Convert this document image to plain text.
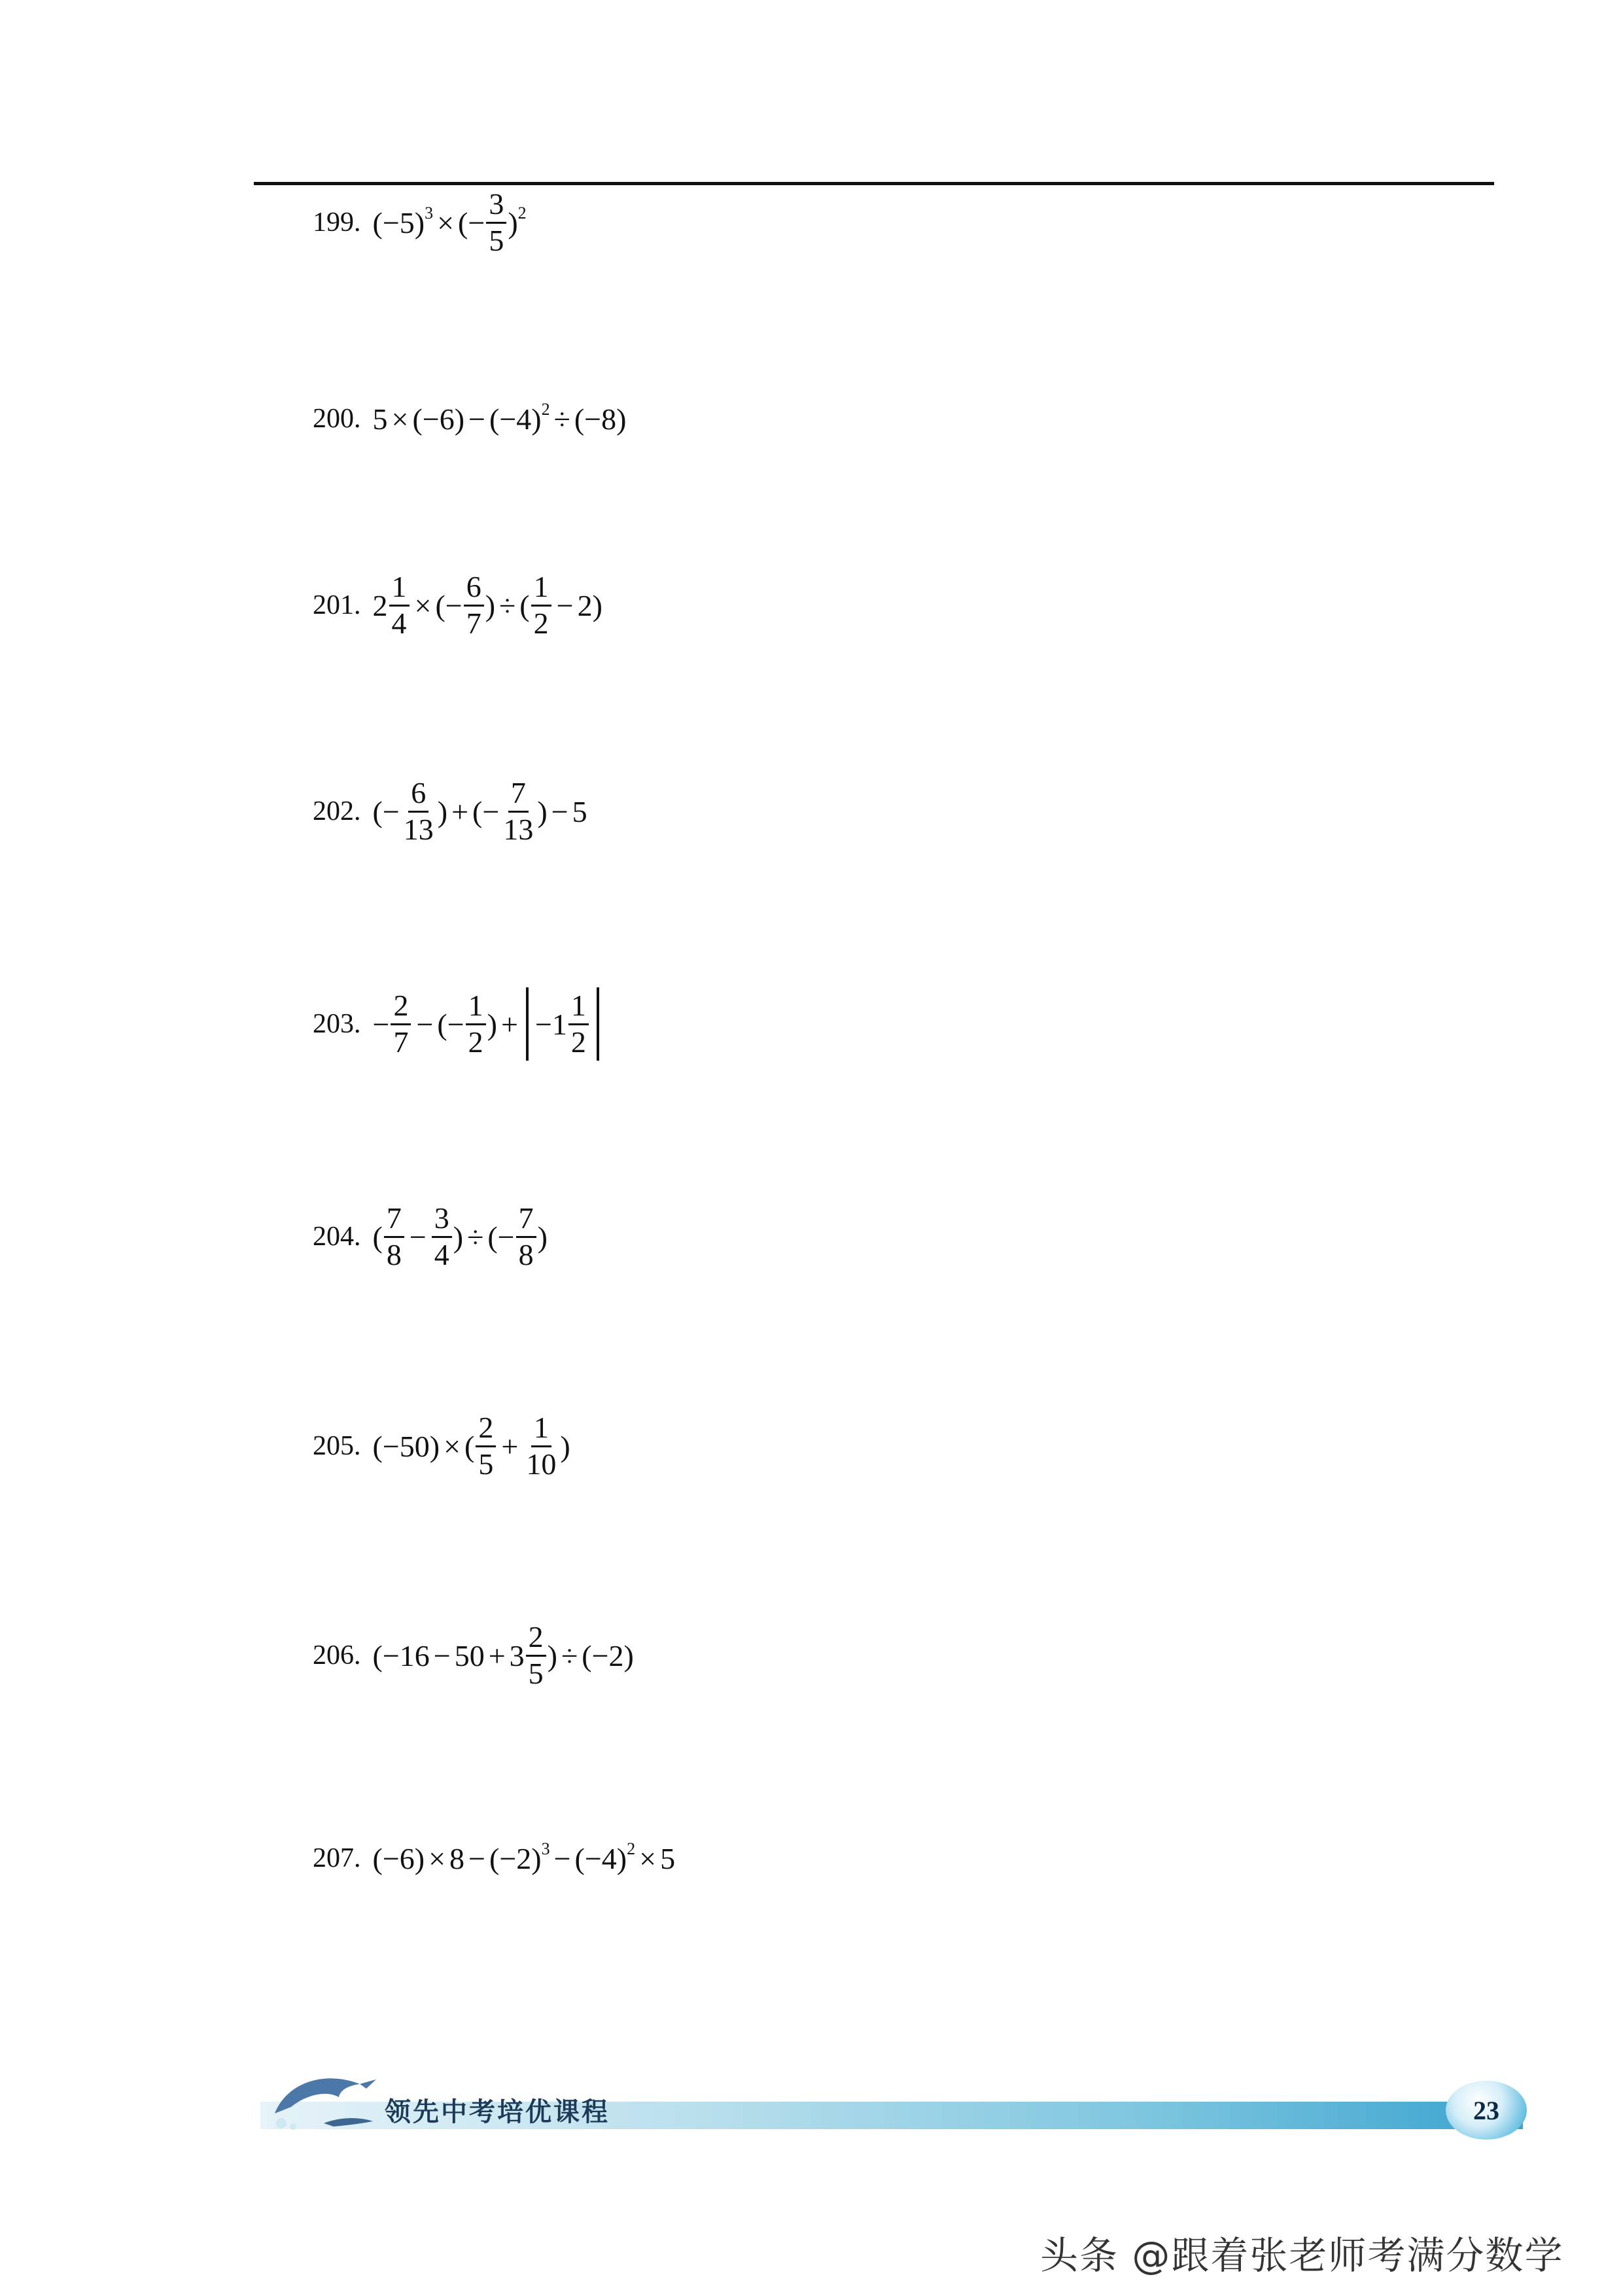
199. $(-5)^3$ × (− $\frac{3}{5} )^2$
200. $5 \times (-6) - (-4)^2 \div (-8)$
201. $2 \frac{1}{4}$ × (− $\frac{6}{7}$ ) ÷ ( $\frac{1}{2} - 2$)
202. (− $\frac{6}{13}$ ) + (− $\frac{7}{13}$ ) − 5
203. − $\frac{2}{7}$ − (− $\frac{1}{2}$ ) + $-1 \frac{1}{2}$
204. ( $\frac{7}{8} - \frac{3}{4}$ ) ÷ (− $\frac{7}{8}$ )
205. (−50) × ( $\frac{2}{5} + \frac{1}{10}$ )
206. ($-16 - 50 + 3 \frac{2}{5}$ ) ÷ (−2)
207. $(-6) \times 8 - (-2)^3 - (-4)^2 \times 5$
领先中考培优课程	23
头条 @跟着张老师考满分数学
